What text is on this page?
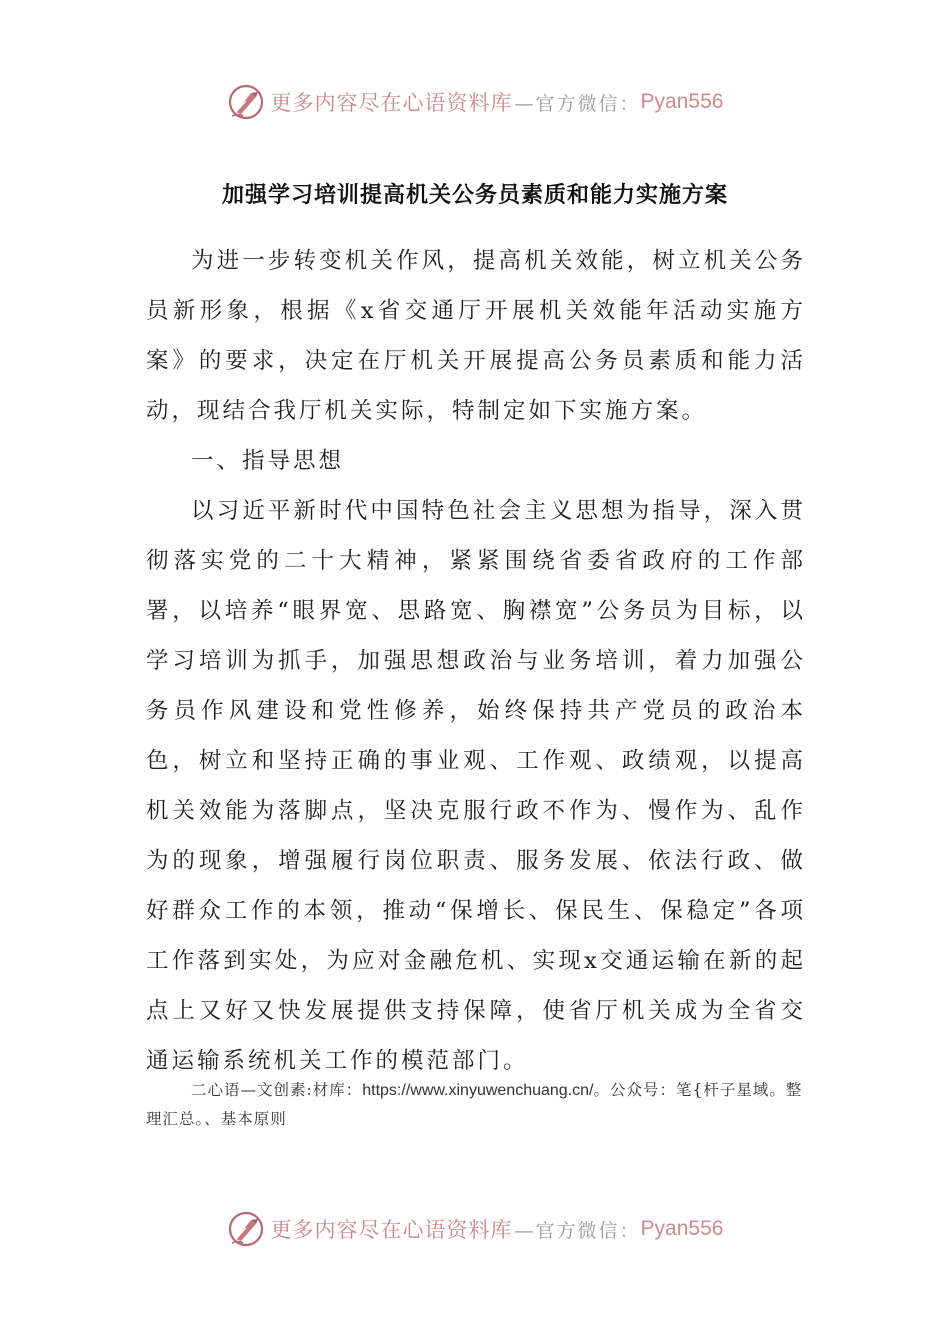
更多内容尽在心语资料库 —官方微信： Pyan556
加强学习培训提高机关公务员素质和能力实施方案

为进一步转变机关作风，提高机关效能，树立机关公务员新形象，根据《x省交通厅开展机关效能年活动实施方案》的要求，决定在厅机关开展提高公务员素质和能力活动，现结合我厅机关实际，特制定如下实施方案。

一、指导思想

以习近平新时代中国特色社会主义思想为指导，深入贯彻落实党的二十大精神，紧紧围绕省委省政府的工作部署，以培养“眼界宽、思路宽、胸襟宽”公务员为目标，以学习培训为抓手，加强思想政治与业务培训，着力加强公务员作风建设和党性修养，始终保持共产党员的政治本色，树立和坚持正确的事业观、工作观、政绩观，以提高机关效能为落脚点，坚决克服行政不作为、慢作为、乱作为的现象，增强履行岗位职责、服务发展、依法行政、做好群众工作的本领，推动“保增长、保民生、保稳定”各项工作落到实处，为应对金融危机、实现x交通运输在新的起点上又好又快发展提供支持保障，使省厅机关成为全省交通运输系统机关工作的模范部门。

二心语—文创素:材库：https://www.xinyuwenchuang.cn/。公众号：笔{杆子星域。整理汇总。、基本原则

更多内容尽在心语资料库 —官方微信： Pyan556
